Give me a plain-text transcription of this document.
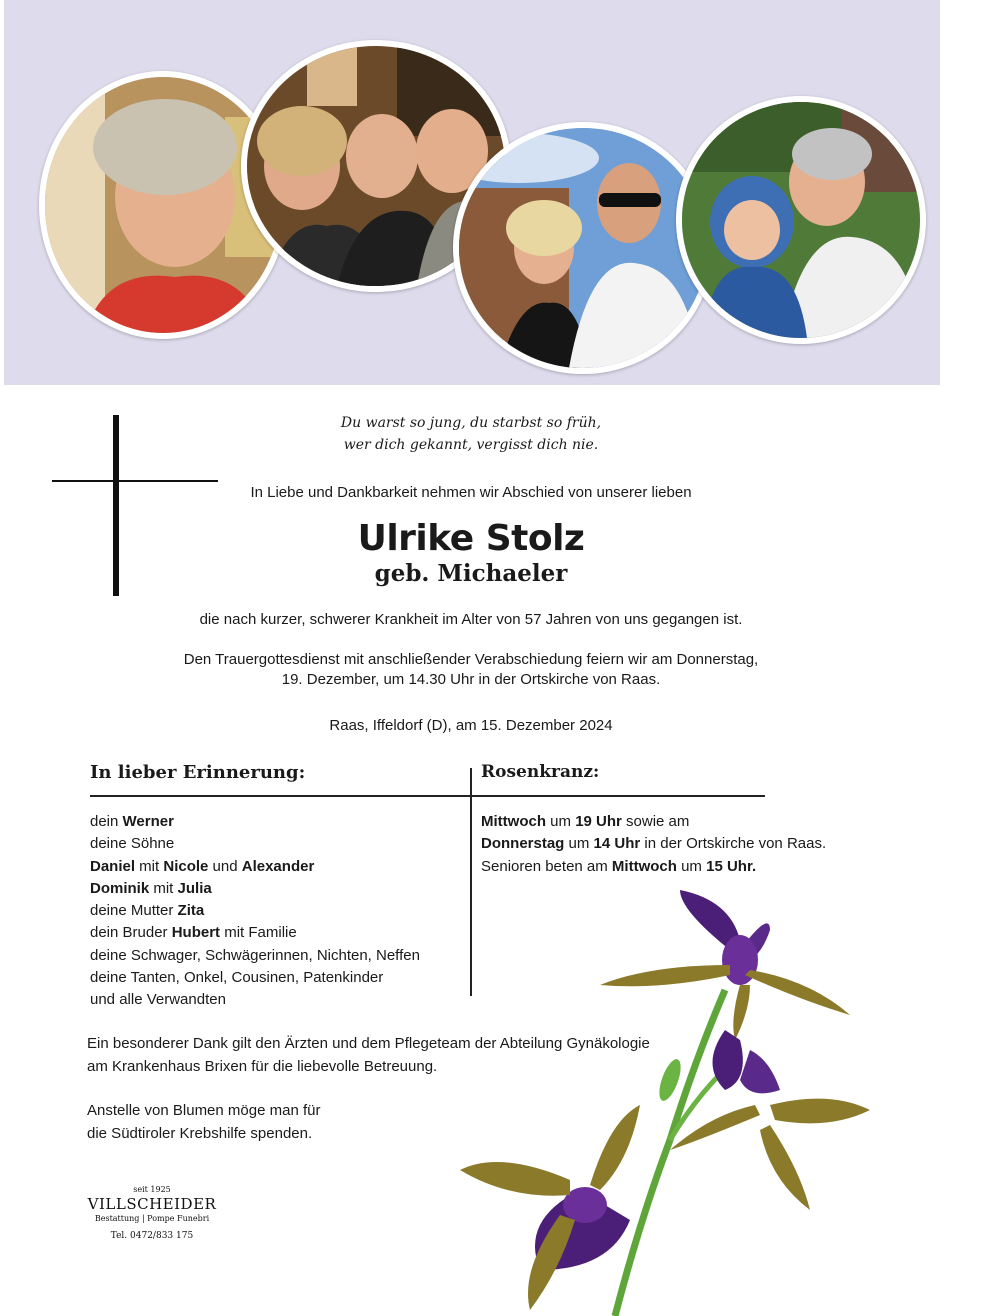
Du warst so jung, du starbst so früh,
wer dich gekannt, vergisst dich nie.
In Liebe und Dankbarkeit nehmen wir Abschied von unserer lieben
Ulrike Stolz
geb. Michaeler
die nach kurzer, schwerer Krankheit im Alter von 57 Jahren von uns gegangen ist.
Den Trauergottesdienst mit anschließender Verabschiedung feiern wir am Donnerstag,
19. Dezember, um 14.30 Uhr in der Ortskirche von Raas.
Raas, Iffeldorf (D), am 15. Dezember 2024
In lieber Erinnerung:	Rosenkranz:
dein Werner
deine Söhne
Daniel mit Nicole und Alexander
Dominik mit Julia
deine Mutter Zita
dein Bruder Hubert mit Familie
deine Schwager, Schwägerinnen, Nichten, Neffen
deine Tanten, Onkel, Cousinen, Patenkinder
und alle Verwandten
Mittwoch um 19 Uhr sowie am
Donnerstag um 14 Uhr in der Ortskirche von Raas.
Senioren beten am Mittwoch um 15 Uhr.
Ein besonderer Dank gilt den Ärzten und dem Pflegeteam der Abteilung Gynäkologie
am Krankenhaus Brixen für die liebevolle Betreuung.
Anstelle von Blumen möge man für
die Südtiroler Krebshilfe spenden.
seit 1925
VILLSCHEIDER
Bestattung | Pompe Funebri
Tel. 0472/833 175
